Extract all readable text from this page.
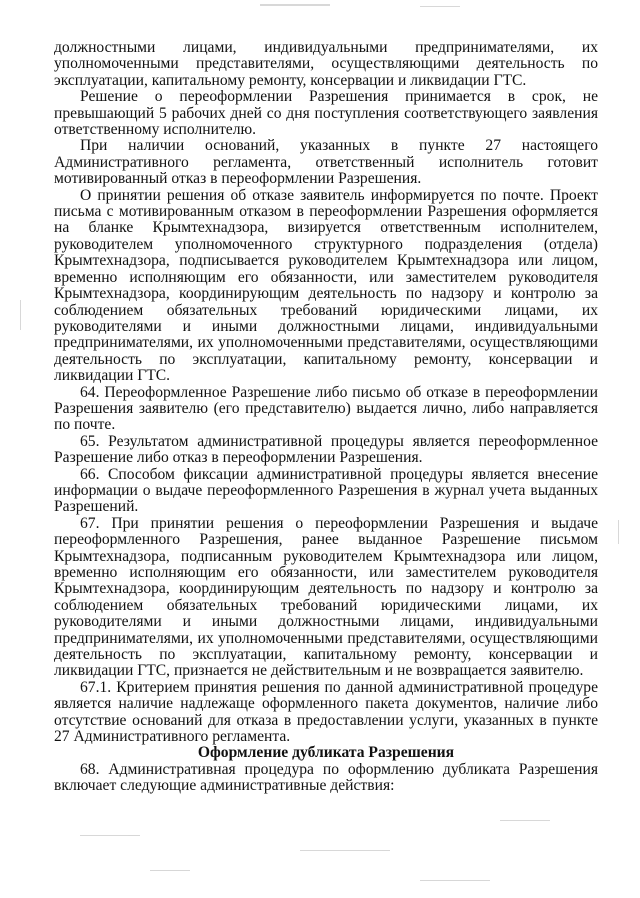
должностными лицами, индивидуальными предпринимателями, их уполномоченными представителями, осуществляющими деятельность по эксплуатации, капитальному ремонту, консервации и ликвидации ГТС.

Решение о переоформлении Разрешения принимается в срок, не превышающий 5 рабочих дней со дня поступления соответствующего заявления ответственному исполнителю.

При наличии оснований, указанных в пункте 27 настоящего Административного регламента, ответственный исполнитель готовит мотивированный отказ в переоформлении Разрешения.

О принятии решения об отказе заявитель информируется по почте. Проект письма с мотивированным отказом в переоформлении Разрешения оформляется на бланке Крымтехнадзора, визируется ответственным исполнителем, руководителем уполномоченного структурного подразделения (отдела) Крымтехнадзора, подписывается руководителем Крымтехнадзора или лицом, временно исполняющим его обязанности, или заместителем руководителя Крымтехнадзора, координирующим деятельность по надзору и контролю за соблюдением обязательных требований юридическими лицами, их руководителями и иными должностными лицами, индивидуальными предпринимателями, их уполномоченными представителями, осуществляющими деятельность по эксплуатации, капитальному ремонту, консервации и ликвидации ГТС.

64. Переоформленное Разрешение либо письмо об отказе в переоформлении Разрешения заявителю (его представителю) выдается лично, либо направляется по почте.

65. Результатом административной процедуры является переоформленное Разрешение либо отказ в переоформлении Разрешения.

66. Способом фиксации административной процедуры является внесение информации о выдаче переоформленного Разрешения в журнал учета выданных Разрешений.

67. При принятии решения о переоформлении Разрешения и выдаче переоформленного Разрешения, ранее выданное Разрешение письмом Крымтехнадзора, подписанным руководителем Крымтехнадзора или лицом, временно исполняющим его обязанности, или заместителем руководителя Крымтехнадзора, координирующим деятельность по надзору и контролю за соблюдением обязательных требований юридическими лицами, их руководителями и иными должностными лицами, индивидуальными предпринимателями, их уполномоченными представителями, осуществляющими деятельность по эксплуатации, капитальному ремонту, консервации и ликвидации ГТС, признается не действительным и не возвращается заявителю.

67.1. Критерием принятия решения по данной административной процедуре является наличие надлежаще оформленного пакета документов, наличие либо отсутствие оснований для отказа в предоставлении услуги, указанных в пункте 27 Административного регламента.

Оформление дубликата Разрешения

68. Административная процедура по оформлению дубликата Разрешения включает следующие административные действия:
